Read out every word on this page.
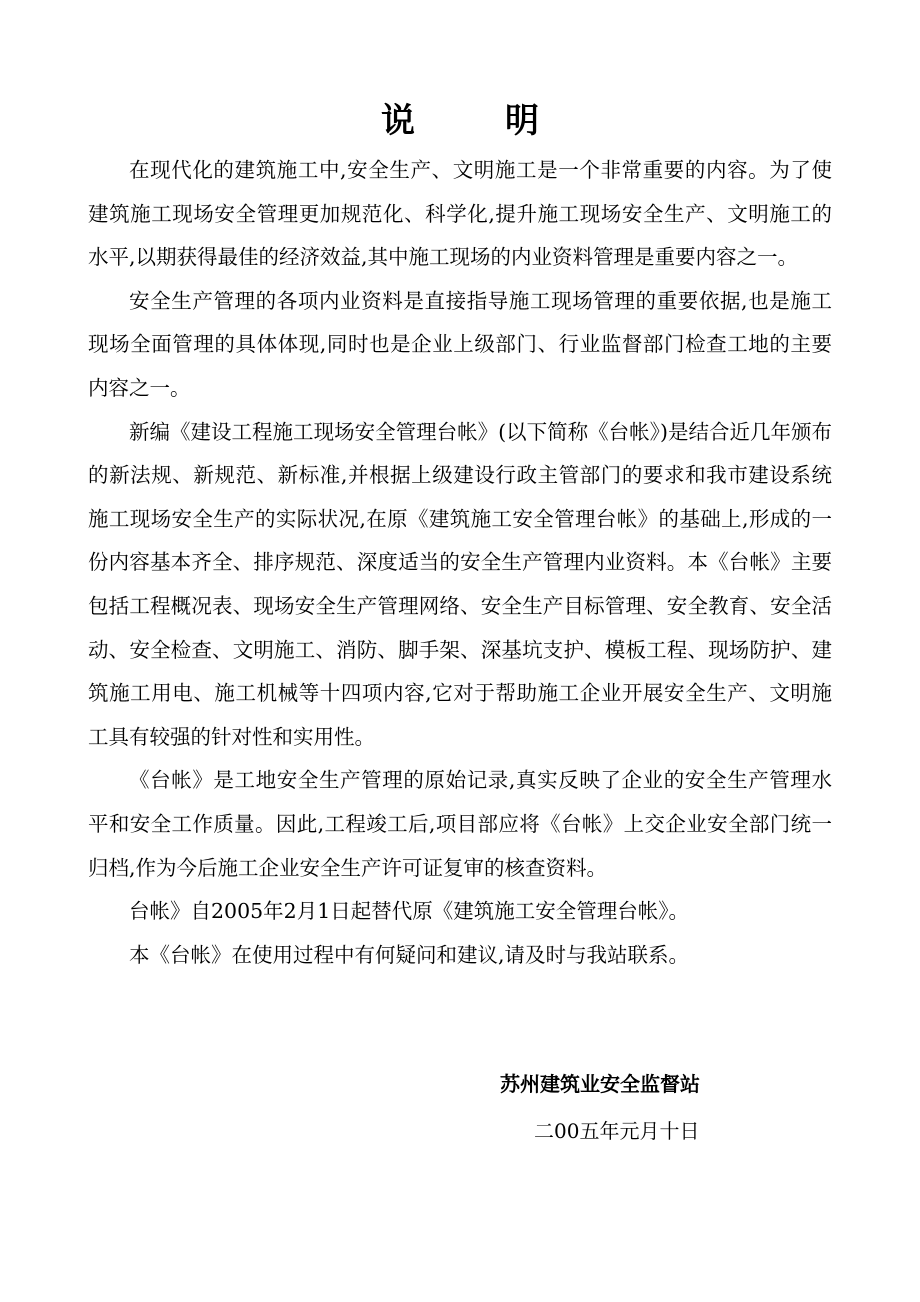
说明

在现代化的建筑施工中,安全生产、文明施工是一个非常重要的内容。为了使建筑施工现场安全管理更加规范化、科学化,提升施工现场安全生产、文明施工的水平,以期获得最佳的经济效益,其中施工现场的内业资料管理是重要内容之一。

安全生产管理的各项内业资料是直接指导施工现场管理的重要依据,也是施工现场全面管理的具体体现,同时也是企业上级部门、行业监督部门检查工地的主要内容之一。

新编《建设工程施工现场安全管理台帐》(以下简称《台帐》)是结合近几年颁布的新法规、新规范、新标准,并根据上级建设行政主管部门的要求和我市建设系统施工现场安全生产的实际状况,在原《建筑施工安全管理台帐》的基础上,形成的一份内容基本齐全、排序规范、深度适当的安全生产管理内业资料。本《台帐》主要包括工程概况表、现场安全生产管理网络、安全生产目标管理、安全教育、安全活动、安全检查、文明施工、消防、脚手架、深基坑支护、模板工程、现场防护、建筑施工用电、施工机械等十四项内容,它对于帮助施工企业开展安全生产、文明施工具有较强的针对性和实用性。

《台帐》是工地安全生产管理的原始记录,真实反映了企业的安全生产管理水平和安全工作质量。因此,工程竣工后,项目部应将《台帐》上交企业安全部门统一归档,作为今后施工企业安全生产许可证复审的核查资料。

台帐》自2005年2月1日起替代原《建筑施工安全管理台帐》。

本《台帐》在使用过程中有何疑问和建议,请及时与我站联系。

苏州建筑业安全监督站
二00五年元月十日
